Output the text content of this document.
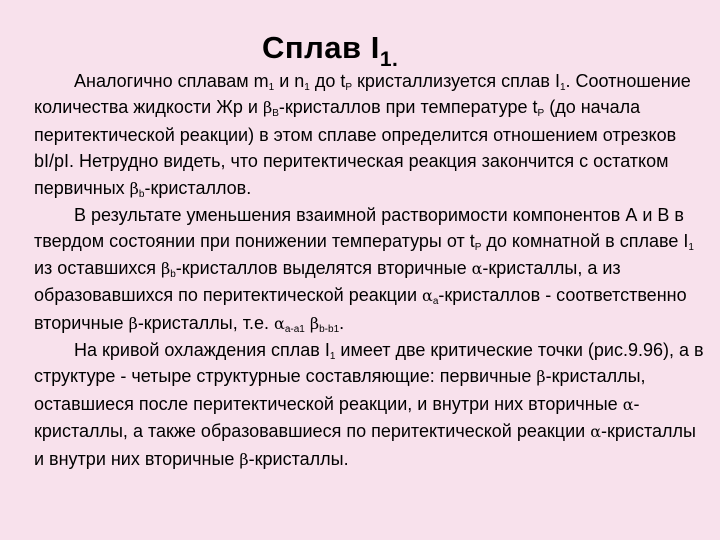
Сплав $I_{1.}$

Аналогично сплавам $m_1$ и $n_1$ до $t_P$ кристаллизуется сплав $I_1$. Соотношение количества жидкости Жр и $\beta_B$-кристаллов при температуре $t_P$ (до начала перитектической реакции) в этом сплаве определится отношением отрезков bI/pI. Нетрудно видеть, что перитектическая реакция закончится с остатком первичных $\beta_b$-кристаллов.

В результате уменьшения взаимной растворимости компонентов А и В в твердом состоянии при понижении температуры от $t_P$ до комнатной в сплаве $I_1$ из оставшихся $\beta_b$-кристаллов выделятся вторичные α-кристаллы, а из образовавшихся по перитектической реакции $\alpha_a$-кристаллов - соответственно вторичные β-кристаллы, т.е. $\alpha_{a-a1}$ $\beta_{b-b1}$.

На кривой охлаждения сплав $I_1$ имеет две критические точки (рис.9.96), а в структуре - четыре структурные составляющие: первичные β-кристаллы, оставшиеся после перитектической реакции, и внутри них вторичные α-кристаллы, а также образовавшиеся по перитектической реакции α-кристаллы и внутри них вторичные β-кристаллы.
